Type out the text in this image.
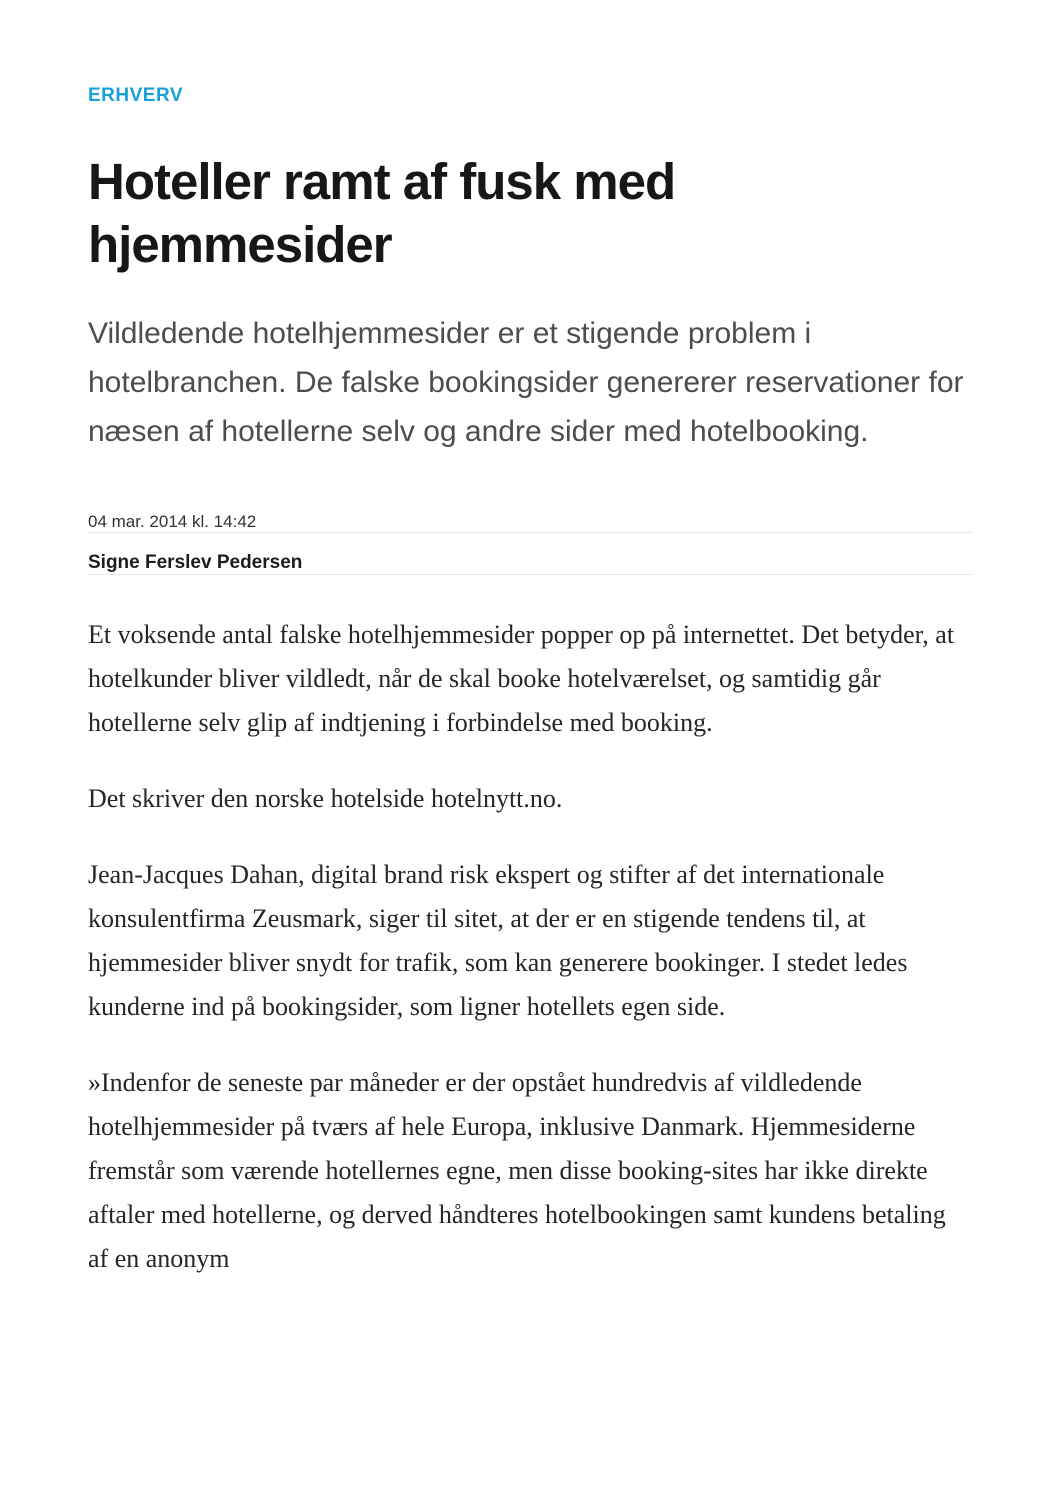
ERHVERV
Hoteller ramt af fusk med hjemmesider

Vildledende hotelhjemmesider er et stigende problem i hotelbranchen. De falske bookingsider genererer reservationer for næsen af hotellerne selv og andre sider med hotelbooking.

04 mar. 2014 kl. 14:42
Signe Ferslev Pedersen

Et voksende antal falske hotelhjemmesider popper op på internettet. Det betyder, at hotelkunder bliver vildledt, når de skal booke hotelværelset, og samtidig går hotellerne selv glip af indtjening i forbindelse med booking.

Det skriver den norske hotelside hotelnytt.no.

Jean-Jacques Dahan, digital brand risk ekspert og stifter af det internationale konsulentfirma Zeusmark, siger til sitet, at der er en stigende tendens til, at hjemmesider bliver snydt for trafik, som kan generere bookinger. I stedet ledes kunderne ind på bookingsider, som ligner hotellets egen side.

»Indenfor de seneste par måneder er der opstået hundredvis af vildledende hotelhjemmesider på tværs af hele Europa, inklusive Danmark. Hjemmesiderne fremstår som værende hotellernes egne, men disse booking-sites har ikke direkte aftaler med hotellerne, og derved håndteres hotelbookingen samt kundens betaling af en anonym
